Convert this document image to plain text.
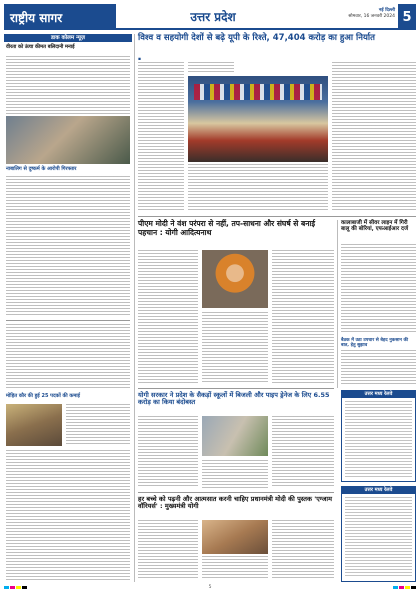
राष्ट्रीय सागर	उत्तर प्रदेश	नई दिल्ली
सोमवार, 16 जनवरी 2024 5
डाक कोलम न्यूज़
वीरता को ऊंचा कीमत बलिदानी मनाई
नाबालिग से दुष्कर्म के आरोपी गिरफ्तार
मोहित कौर की हुई 25 पदकों की कमाई
विश्व व सहयोगी देशों से बढ़े यूपी के रिश्ते, 47,404 करोड़ का हुआ निर्यात
▪
पीएम मोदी ने वंश परंपरा से नहीं, तप-साधना और संघर्ष से बनाई पहचान : योगी आदित्यनाथ
कालाबाजी में सीवर लाइन में गिरी बालू की बोरियां, एफआईआर दर्ज
बैठक में उठा उपचार से बेहद नुकसान की बात, हेतु सुझाव
योगी सरकार ने प्रदेश के सैकड़ों स्कूलों में बिजली और पाइप ड्रेनेज के लिए 6.55 करोड़ का किया बंदोबस्त
उत्तर मध्य रेलवे
उत्तर मध्य रेलवे
हर बच्चे को पढ़नी और आत्मसात करनी चाहिए प्रधानमंत्री मोदी की पुस्तक 'एग्जाम वॉरियर्स' : मुख्यमंत्री योगी
5
